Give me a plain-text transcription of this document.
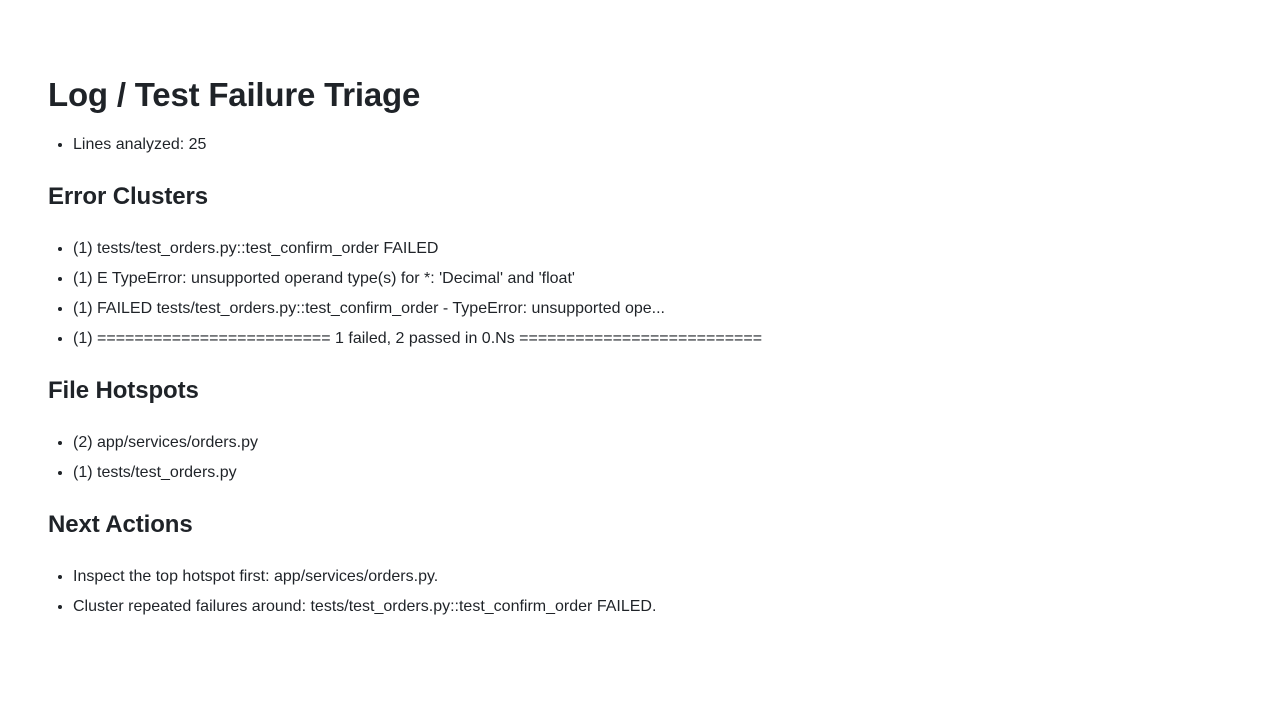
Log / Test Failure Triage
• Lines analyzed: 25
Error Clusters
• (1) tests/test_orders.py::test_confirm_order FAILED
• (1) E TypeError: unsupported operand type(s) for *: 'Decimal' and 'float'
• (1) FAILED tests/test_orders.py::test_confirm_order - TypeError: unsupported ope...
• (1) ========================= 1 failed, 2 passed in 0.Ns ==========================
File Hotspots
• (2) app/services/orders.py
• (1) tests/test_orders.py
Next Actions
• Inspect the top hotspot first: app/services/orders.py.
• Cluster repeated failures around: tests/test_orders.py::test_confirm_order FAILED.
